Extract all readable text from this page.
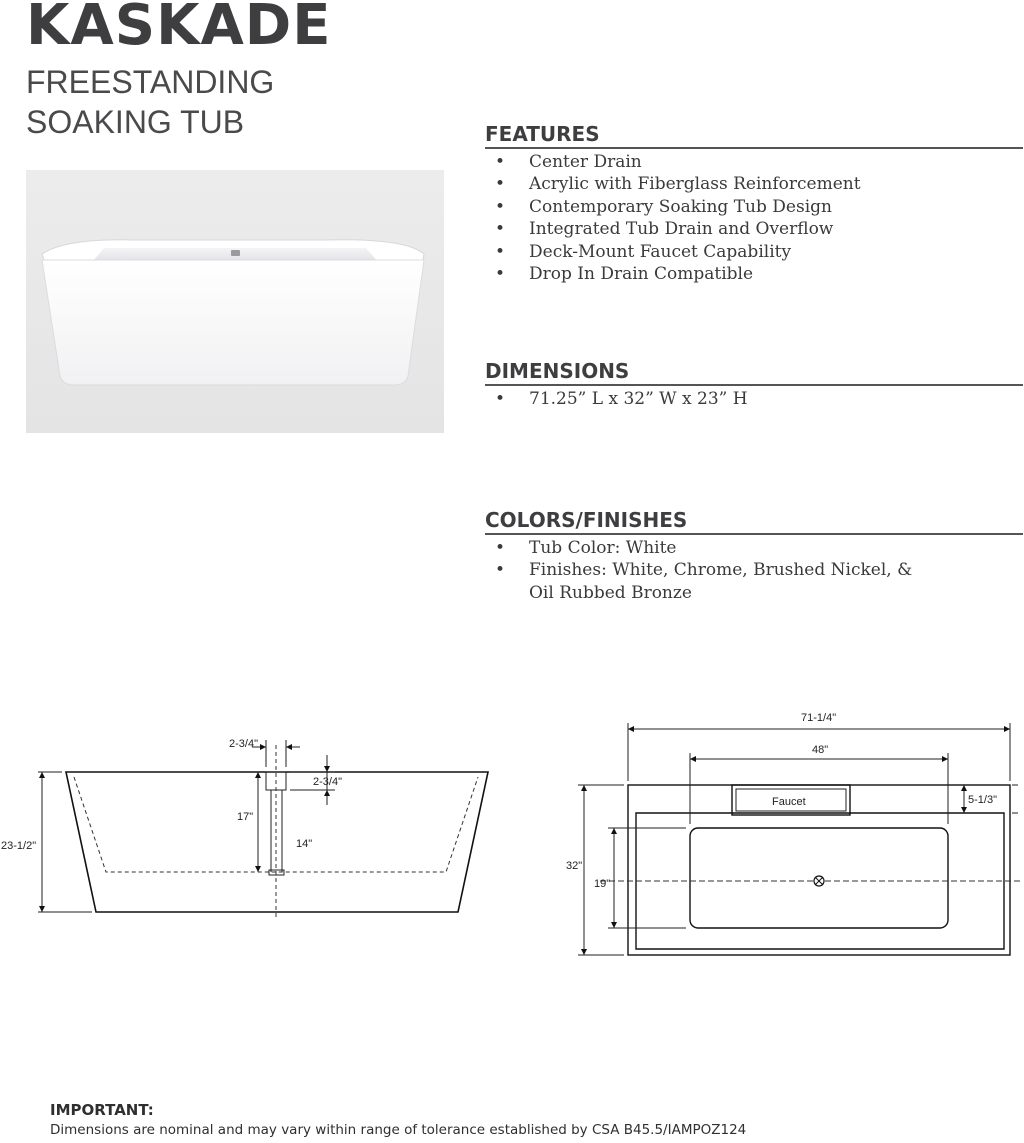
KASKADE
FREESTANDING
SOAKING TUB	FEATURES
• Center Drain
• Acrylic with Fiberglass Reinforcement
• Contemporary Soaking Tub Design
• Integrated Tub Drain and Overflow
• Deck-Mount Faucet Capability
• Drop In Drain Compatible
DIMENSIONS
• 71.25” L x 32” W x 23” H
COLORS/FINISHES
• Tub Color: White
• Finishes: White, Chrome, Brushed Nickel, & Oil Rubbed Bronze
2-3/4"
2-3/4"
17"
14"
23-1/2"
71-1/4"
48"
Faucet	5-1/3"
32"
19"
IMPORTANT:
Dimensions are nominal and may vary within range of tolerance established by CSA B45.5/IAMPOZ124
